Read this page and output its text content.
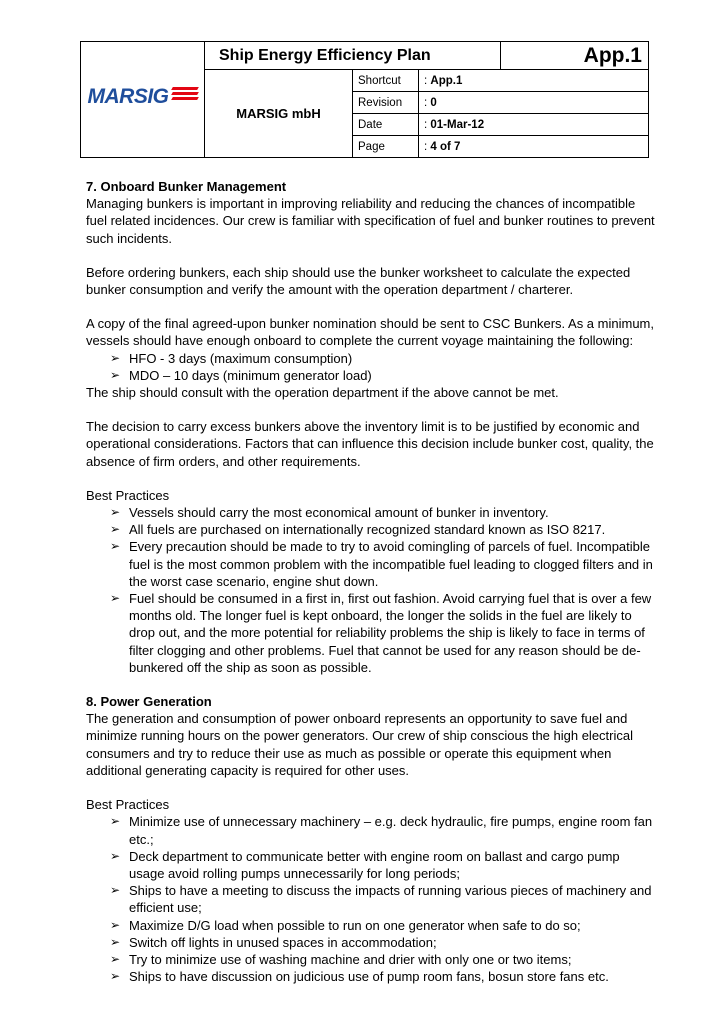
MARSIG
	Ship Energy Efficiency Plan	App.1
MARSIG mbH	
Shortcut	: App.1
Revision	: 0
Date	: 01-Mar-12
Page	: 4 of 7
7. Onboard Bunker Management

Managing bunkers is important in improving reliability and reducing the chances of incompatible fuel related incidences. Our crew is familiar with specification of fuel and bunker routines to prevent such incidents.

Before ordering bunkers, each ship should use the bunker worksheet to calculate the expected bunker consumption and verify the amount with the operation department / charterer.

A copy of the final agreed-upon bunker nomination should be sent to CSC Bunkers. As a minimum, vessels should have enough onboard to complete the current voyage maintaining the following:

➢ HFO - 3 days (maximum consumption)
➢ MDO – 10 days (minimum generator load)

The ship should consult with the operation department if the above cannot be met.

The decision to carry excess bunkers above the inventory limit is to be justified by economic and operational considerations. Factors that can influence this decision include bunker cost, quality, the absence of firm orders, and other requirements.

Best Practices
➢ Vessels should carry the most economical amount of bunker in inventory.
➢ All fuels are purchased on internationally recognized standard known as ISO 8217.
➢ Every precaution should be made to try to avoid comingling of parcels of fuel. Incompatible fuel is the most common problem with the incompatible fuel leading to clogged filters and in the worst case scenario, engine shut down.
➢ Fuel should be consumed in a first in, first out fashion. Avoid carrying fuel that is over a few months old. The longer fuel is kept onboard, the longer the solids in the fuel are likely to drop out, and the more potential for reliability problems the ship is likely to face in terms of filter clogging and other problems. Fuel that cannot be used for any reason should be de-bunkered off the ship as soon as possible.
8. Power Generation

The generation and consumption of power onboard represents an opportunity to save fuel and minimize running hours on the power generators. Our crew of ship conscious the high electrical consumers and try to reduce their use as much as possible or operate this equipment when additional generating capacity is required for other uses.

Best Practices
➢ Minimize use of unnecessary machinery – e.g. deck hydraulic, fire pumps, engine room fan etc.;
➢ Deck department to communicate better with engine room on ballast and cargo pump usage avoid rolling pumps unnecessarily for long periods;
➢ Ships to have a meeting to discuss the impacts of running various pieces of machinery and efficient use;
➢ Maximize D/G load when possible to run on one generator when safe to do so;
➢ Switch off lights in unused spaces in accommodation;
➢ Try to minimize use of washing machine and drier with only one or two items;
➢ Ships to have discussion on judicious use of pump room fans, bosun store fans etc.
